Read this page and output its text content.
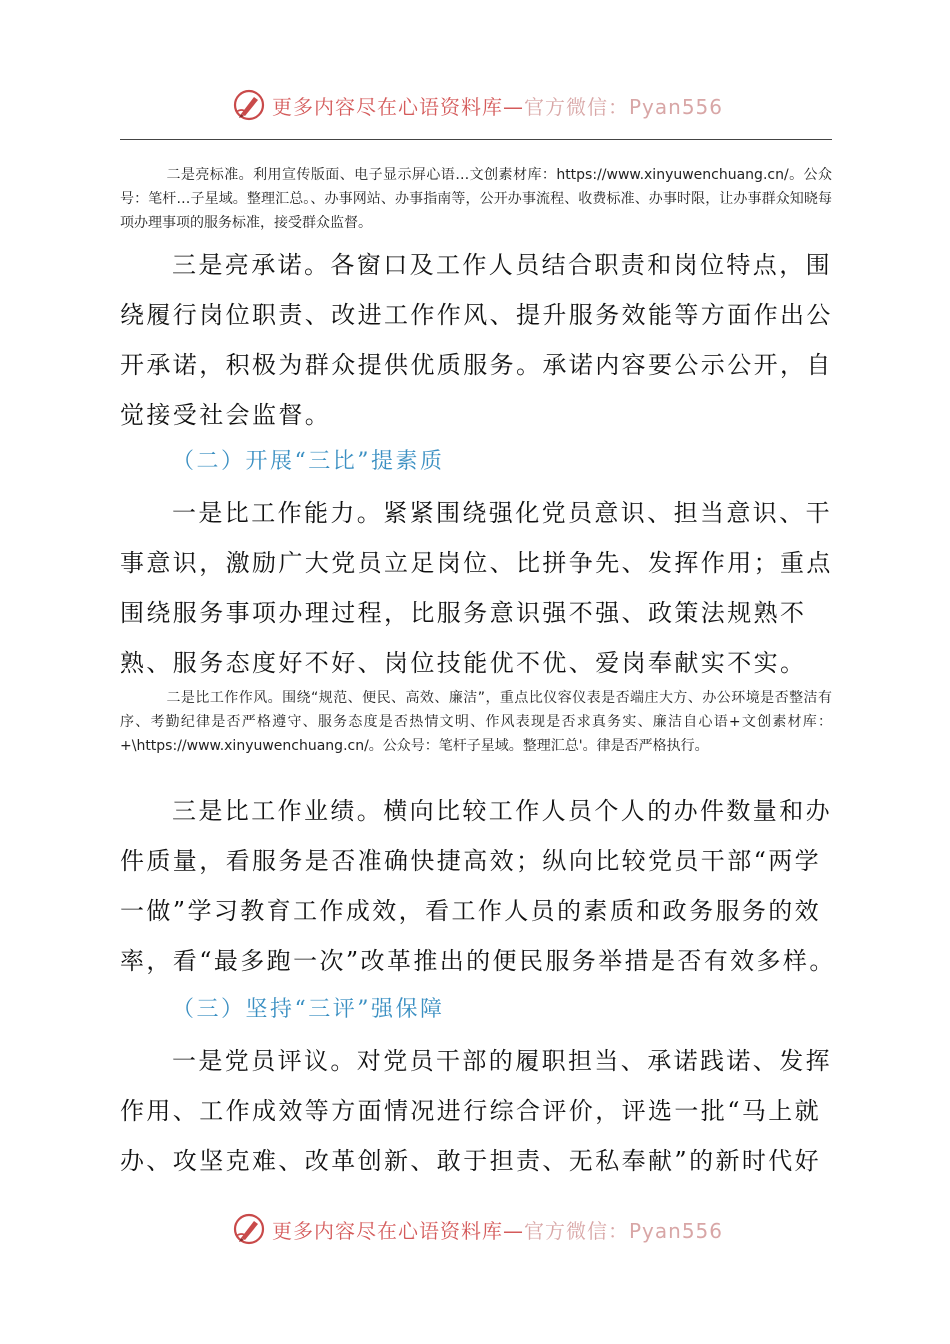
更多内容尽在心语资料库—官方微信：Pyan556
二是亮标准。利用宣传版面、电子显示屏心语…文创素材库：https://www.xinyuwenchuang.cn/。公众号：笔杆…子星域。整理汇总。、办事网站、办事指南等，公开办事流程、收费标准、办事时限，让办事群众知晓每项办理事项的服务标准，接受群众监督。
三是亮承诺。各窗口及工作人员结合职责和岗位特点，围绕履行岗位职责、改进工作作风、提升服务效能等方面作出公开承诺，积极为群众提供优质服务。承诺内容要公示公开，自觉接受社会监督。
（二）开展“三比”提素质
一是比工作能力。紧紧围绕强化党员意识、担当意识、干事意识，激励广大党员立足岗位、比拼争先、发挥作用；重点围绕服务事项办理过程，比服务意识强不强、政策法规熟不熟、服务态度好不好、岗位技能优不优、爱岗奉献实不实。
二是比工作作风。围绕“规范、便民、高效、廉洁”，重点比仪容仪表是否端庄大方、办公环境是否整洁有序、考勤纪律是否严格遵守、服务态度是否热情文明、作风表现是否求真务实、廉洁自心语+文创素材库：+\https://www.xinyuwenchuang.cn/。公众号：笔杆子星域。整理汇总'。律是否严格执行。
三是比工作业绩。横向比较工作人员个人的办件数量和办件质量，看服务是否准确快捷高效；纵向比较党员干部“两学一做”学习教育工作成效，看工作人员的素质和政务服务的效率，看“最多跑一次”改革推出的便民服务举措是否有效多样。
（三）坚持“三评”强保障
一是党员评议。对党员干部的履职担当、承诺践诺、发挥作用、工作成效等方面情况进行综合评价，评选一批“马上就办、攻坚克难、改革创新、敢于担责、无私奉献”的新时代好
更多内容尽在心语资料库—官方微信：Pyan556
